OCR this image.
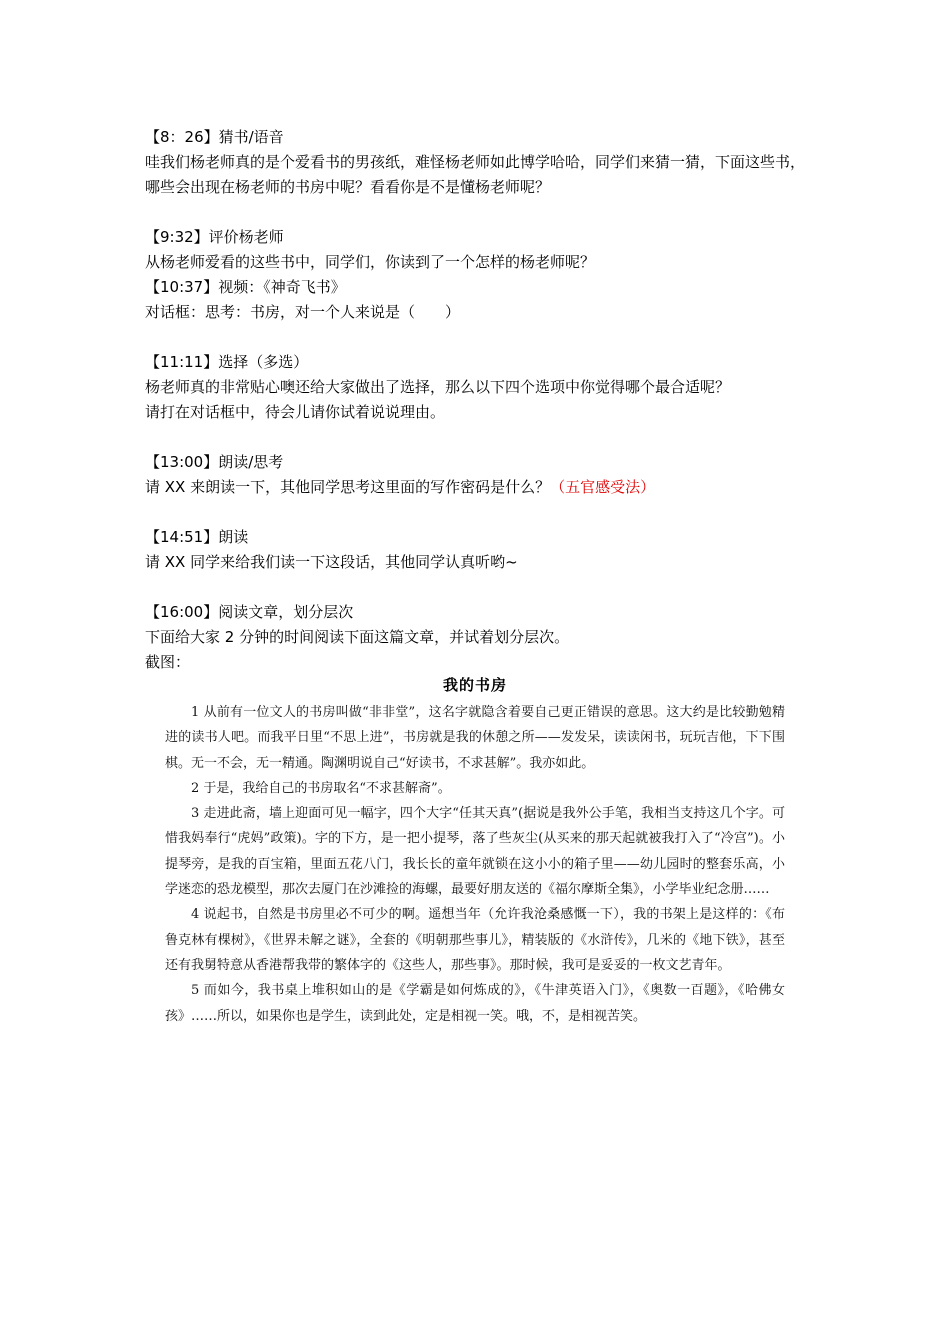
【8：26】猜书/语音
哇我们杨老师真的是个爱看书的男孩纸，难怪杨老师如此博学哈哈，同学们来猜一猜，下面这些书，哪些会出现在杨老师的书房中呢？看看你是不是懂杨老师呢？
【9:32】评价杨老师
从杨老师爱看的这些书中，同学们，你读到了一个怎样的杨老师呢？
【10:37】视频：《神奇飞书》
对话框：思考：书房，对一个人来说是（　　）
【11:11】选择（多选）
杨老师真的非常贴心噢还给大家做出了选择，那么以下四个选项中你觉得哪个最合适呢？
请打在对话框中，待会儿请你试着说说理由。
【13:00】朗读/思考
请 XX 来朗读一下，其他同学思考这里面的写作密码是什么？（五官感受法）
【14:51】朗读
请 XX 同学来给我们读一下这段话，其他同学认真听哟~
【16:00】阅读文章，划分层次
下面给大家 2 分钟的时间阅读下面这篇文章，并试着划分层次。
截图：
我的书房

1 从前有一位文人的书房叫做“非非堂”，这名字就隐含着要自己更正错误的意思。这大约是比较勤勉精进的读书人吧。而我平日里“不思上进”，书房就是我的休憩之所——发发呆，读读闲书，玩玩吉他，下下围棋。无一不会，无一精通。陶渊明说自己“好读书，不求甚解”。我亦如此。

2 于是，我给自己的书房取名“不求甚解斋”。

3 走进此斋，墙上迎面可见一幅字，四个大字“任其天真”(据说是我外公手笔，我相当支持这几个字。可惜我妈奉行“虎妈”政策)。字的下方，是一把小提琴，落了些灰尘(从买来的那天起就被我打入了“冷宫”)。小提琴旁，是我的百宝箱，里面五花八门，我长长的童年就锁在这小小的箱子里——幼儿园时的整套乐高，小学迷恋的恐龙模型，那次去厦门在沙滩捡的海螺，最要好朋友送的《福尔摩斯全集》，小学毕业纪念册……

4 说起书，自然是书房里必不可少的啊。遥想当年（允许我沧桑感慨一下），我的书架上是这样的：《布鲁克林有棵树》，《世界未解之谜》，全套的《明朝那些事儿》，精装版的《水浒传》，几米的《地下铁》，甚至还有我舅特意从香港帮我带的繁体字的《这些人，那些事》。那时候，我可是妥妥的一枚文艺青年。

5 而如今，我书桌上堆积如山的是《学霸是如何炼成的》，《牛津英语入门》，《奥数一百题》，《哈佛女孩》……所以，如果你也是学生，读到此处，定是相视一笑。哦，不，是相视苦笑。
